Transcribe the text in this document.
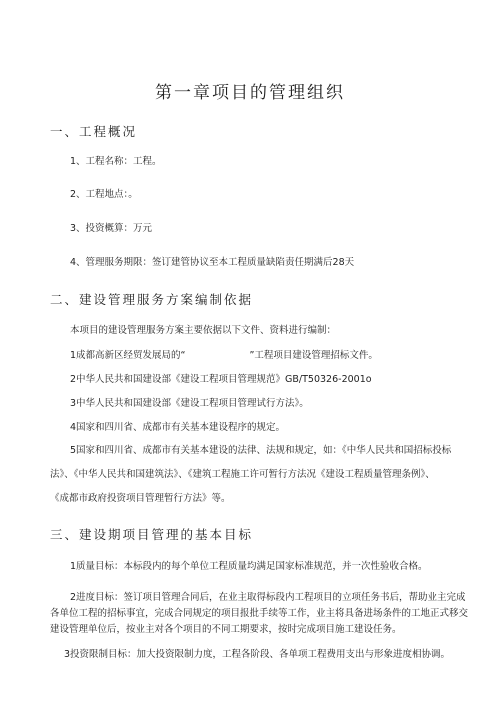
第一章项目的管理组织
一、工程概况
1、工程名称：工程。
2、工程地点：。
3、投资概算：万元
4、管理服务期限：签订建管协议至本工程质量缺陷责任期满后28天
二、建设管理服务方案编制依据
本项目的建设管理服务方案主要依据以下文件、资料进行编制：
1成都高新区经贸发展局的“	”工程项目建设管理招标文件。
2中华人民共和国建设部《建设工程项目管理规范》GB/T50326-2001o
3中华人民共和国建设部《建设工程项目管理试行方法》。
4国家和四川省、成都市有关基本建设程序的规定。
5国家和四川省、成都市有关基本建设的法律、法规和规定，如：《中华人民共和国招标投标
法》、《中华人民共和国建筑法》、《建筑工程施工许可暂行方法况《建设工程质量管理条例》、
《成都市政府投资项目管理暂行方法》等。
三、建设期项目管理的基本目标
1质量目标：本标段内的每个单位工程质量均满足国家标准规范，并一次性验收合格。
2进度目标：签订项目管理合同后，在业主取得标段内工程项目的立项任务书后，帮助业主完成
各单位工程的招标事宜，完成合同规定的项目报批手续等工作，业主将具备进场条件的工地正式移交
建设管理单位后，按业主对各个项目的不同工期要求，按时完成项目施工建设任务。
3投资限制目标：加大投资限制力度，工程各阶段、各单项工程费用支出与形象进度相协调。
